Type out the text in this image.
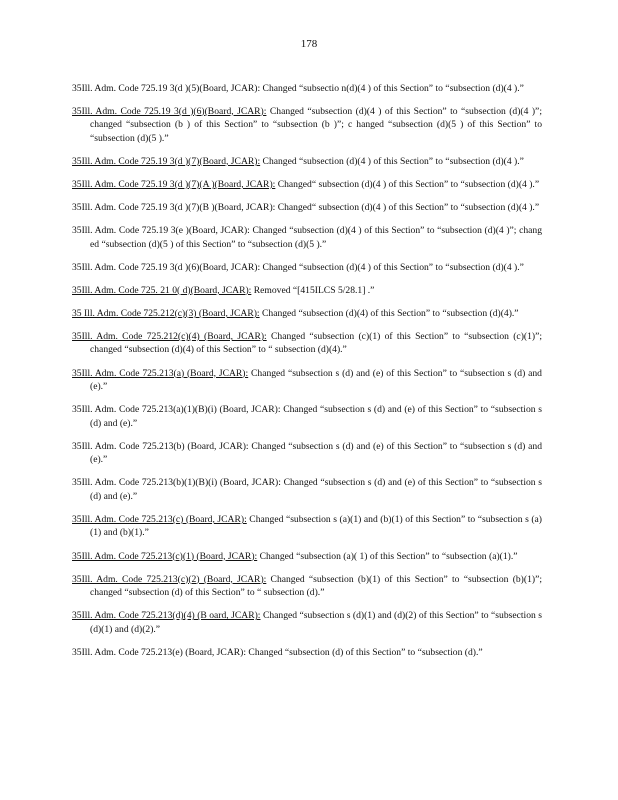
178

35Ill. Adm. Code 725.19 3(d )(5)(Board, JCAR): Changed “subsectio n(d)(4 ) of this Section” to “subsection (d)(4 ).”

35Ill. Adm. Code 725.19 3(d )(6)(Board, JCAR): Changed “subsection (d)(4 ) of this Section” to “subsection (d)(4 )”; changed “subsection (b ) of this Section” to “subsection (b )”; c hanged “subsection (d)(5 ) of this Section” to “subsection (d)(5 ).”

35Ill. Adm. Code 725.19 3(d )(7)(Board, JCAR): Changed “subsection (d)(4 ) of this Section” to “subsection (d)(4 ).”

35Ill. Adm. Code 725.19 3(d )(7)(A )(Board, JCAR): Changed“ subsection (d)(4 ) of this Section” to “subsection (d)(4 ).”

35Ill. Adm. Code 725.19 3(d )(7)(B )(Board, JCAR): Changed“ subsection (d)(4 ) of this Section” to “subsection (d)(4 ).”

35Ill. Adm. Code 725.19 3(e )(Board, JCAR): Changed “subsection (d)(4 ) of this Section” to “subsection (d)(4 )”; chang ed “subsection (d)(5 ) of this Section” to “subsection (d)(5 ).”

35Ill. Adm. Code 725.19 3(d )(6)(Board, JCAR): Changed “subsection (d)(4 ) of this Section” to “subsection (d)(4 ).”

35Ill. Adm. Code 725. 21 0( d)(Board, JCAR): Removed “[415ILCS 5/28.1] .”

35 Ill. Adm. Code 725.212(c)(3) (Board, JCAR): Changed “subsection (d)(4) of this Section” to “subsection (d)(4).”

35Ill. Adm. Code 725.212(c)(4) (Board, JCAR): Changed “subsection (c)(1) of this Section” to “subsection (c)(1)”; changed “subsection (d)(4) of this Section” to “ subsection (d)(4).”

35Ill. Adm. Code 725.213(a) (Board, JCAR): Changed “subsection s (d) and (e) of this Section” to “subsection s (d) and (e).”

35Ill. Adm. Code 725.213(a)(1)(B)(i) (Board, JCAR): Changed “subsection s (d) and (e) of this Section” to “subsection s (d) and (e).”

35Ill. Adm. Code 725.213(b) (Board, JCAR): Changed “subsection s (d) and (e) of this Section” to “subsection s (d) and (e).”

35Ill. Adm. Code 725.213(b)(1)(B)(i) (Board, JCAR): Changed “subsection s (d) and (e) of this Section” to “subsection s (d) and (e).”

35Ill. Adm. Code 725.213(c) (Board, JCAR): Changed “subsection s (a)(1) and (b)(1) of this Section” to “subsection s (a)(1) and (b)(1).”

35Ill. Adm. Code 725.213(c)(1) (Board, JCAR): Changed “subsection (a)( 1) of this Section” to “subsection (a)(1).”

35Ill. Adm. Code 725.213(c)(2) (Board, JCAR): Changed “subsection (b)(1) of this Section” to “subsection (b)(1)”; changed “subsection (d) of this Section” to “ subsection (d).”

35Ill. Adm. Code 725.213(d)(4) (B oard, JCAR): Changed “subsection s (d)(1) and (d)(2) of this Section” to “subsection s (d)(1) and (d)(2).”

35Ill. Adm. Code 725.213(e) (Board, JCAR): Changed “subsection (d) of this Section” to “subsection (d).”
